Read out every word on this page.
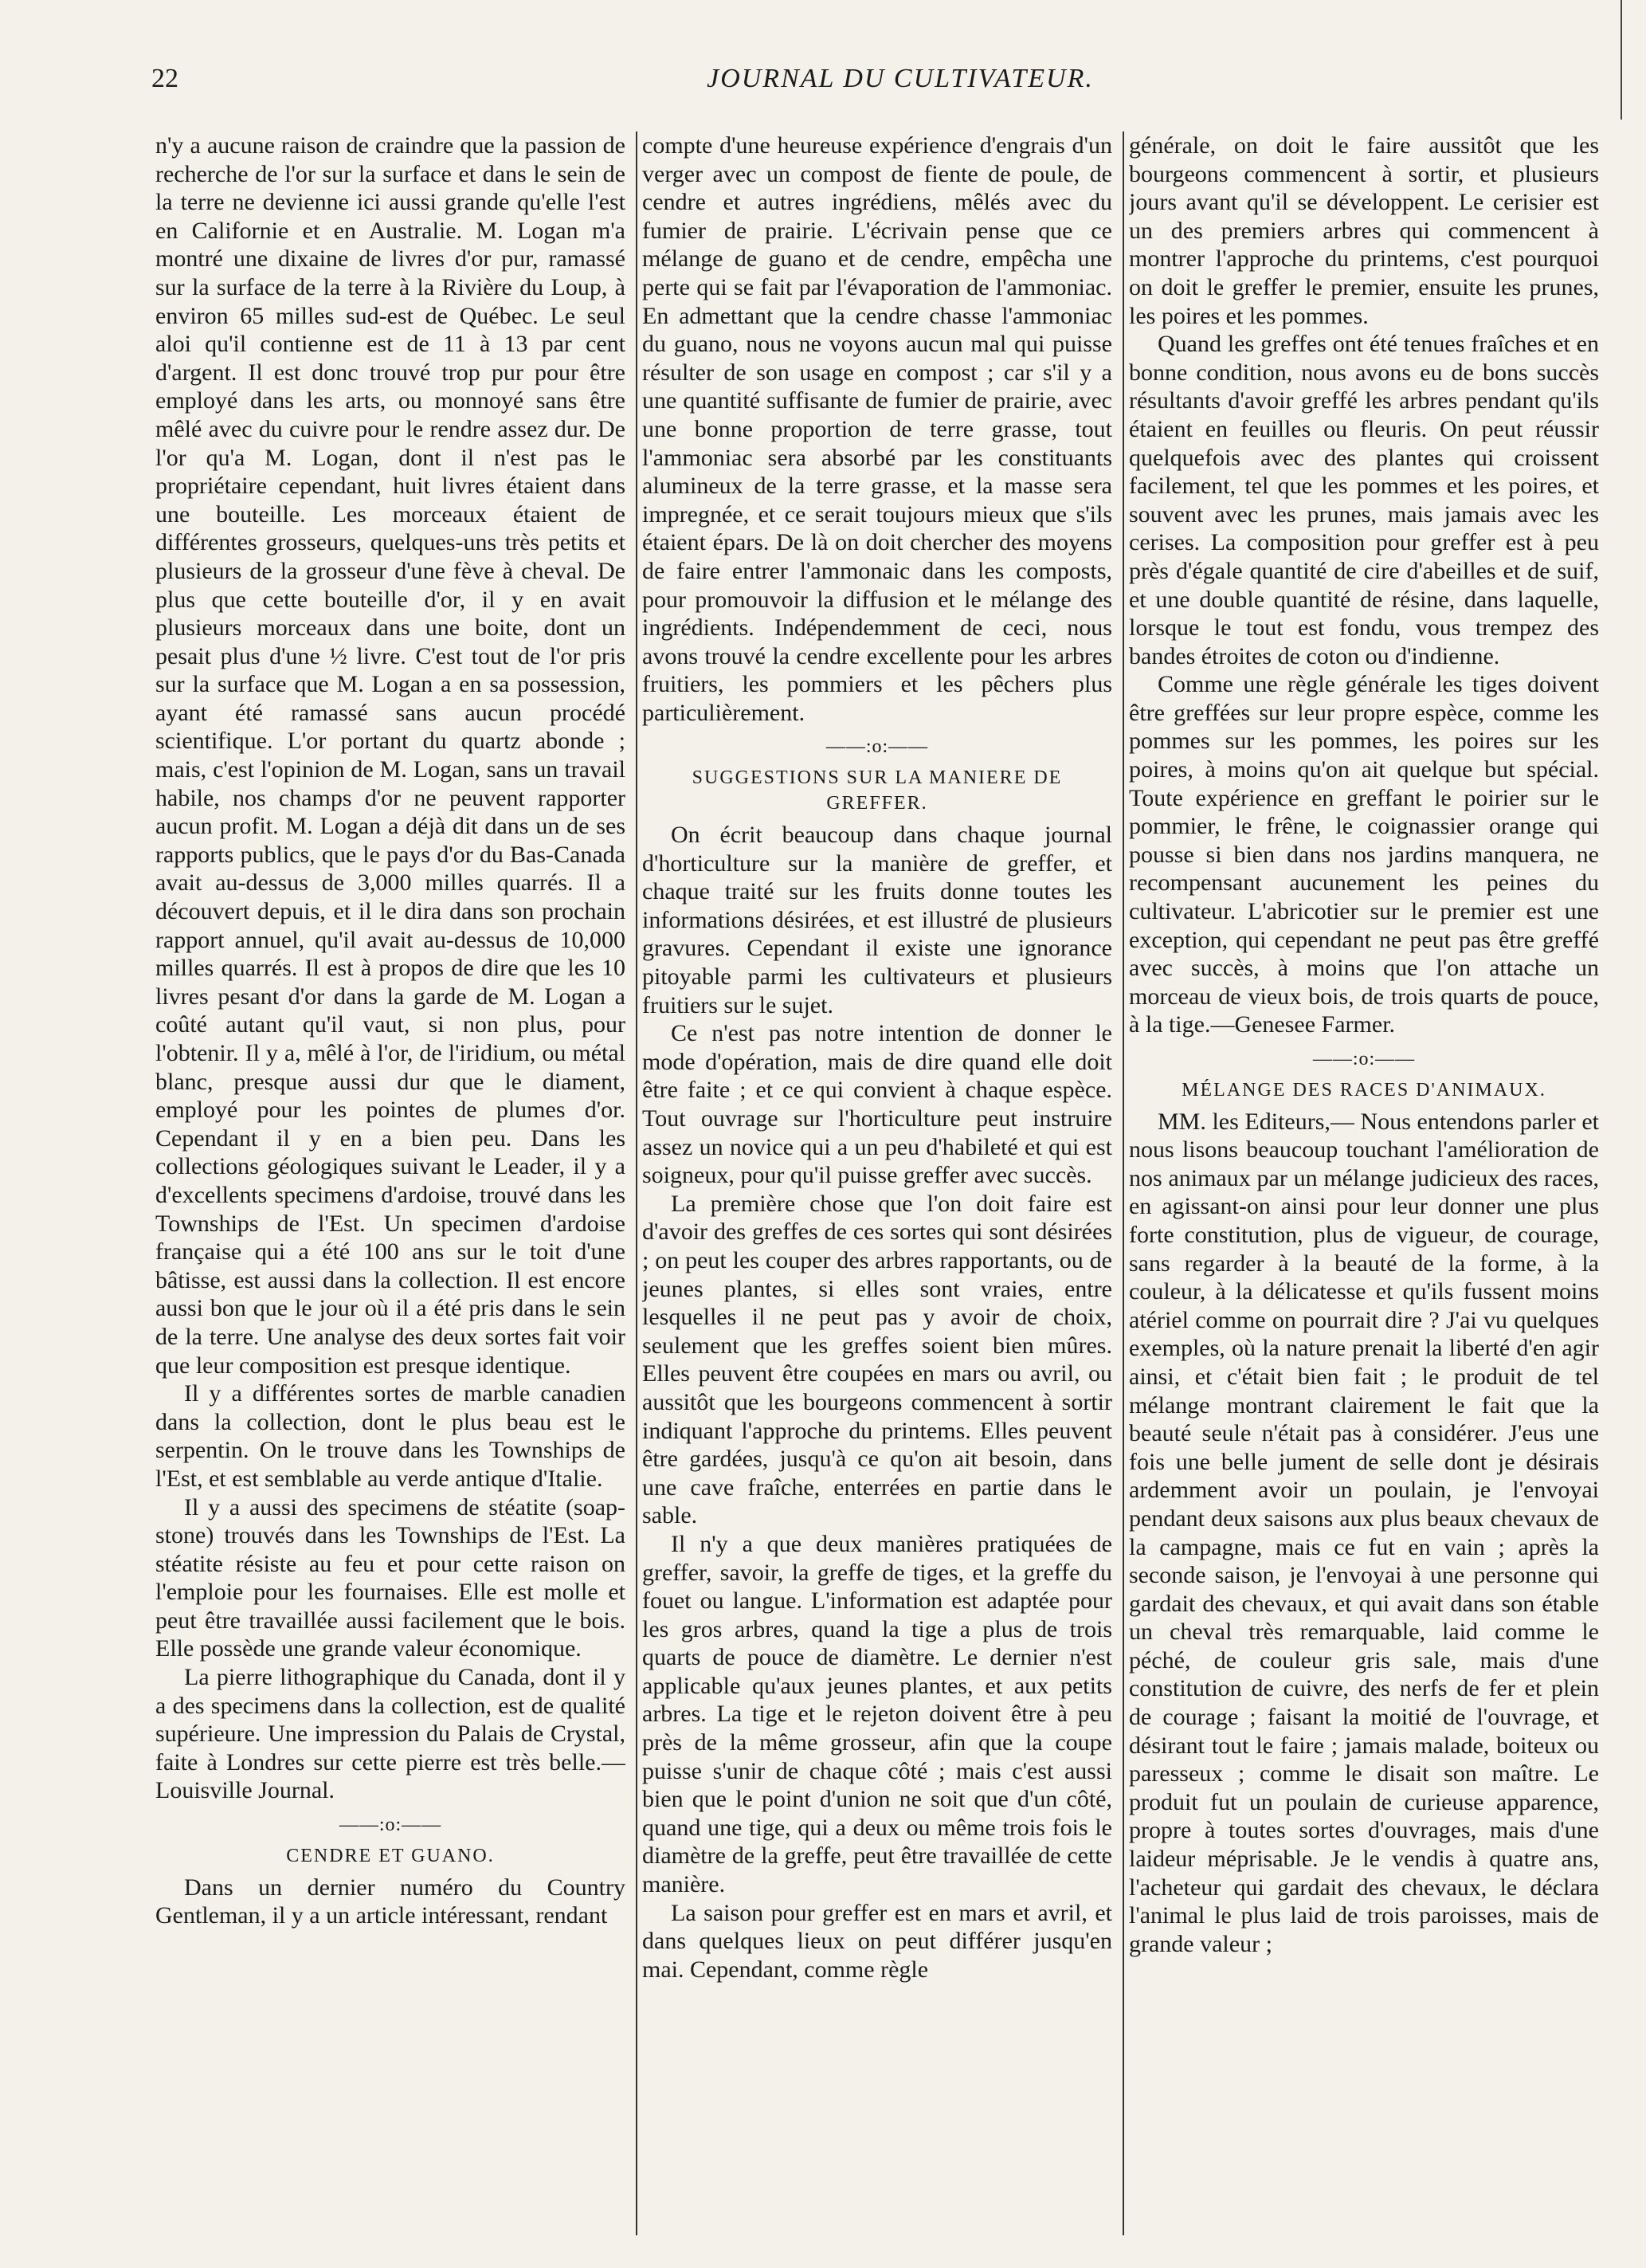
22	JOURNAL DU CULTIVATEUR.

n'y a aucune raison de craindre que la passion de recherche de l'or sur la surface et dans le sein de la terre ne devienne ici aussi grande qu'elle l'est en Californie et en Australie. M. Logan m'a montré une dixaine de livres d'or pur, ramassé sur la surface de la terre à la Rivière du Loup, à environ 65 milles sud-est de Québec. Le seul aloi qu'il contienne est de 11 à 13 par cent d'argent. Il est donc trouvé trop pur pour être employé dans les arts, ou monnoyé sans être mêlé avec du cuivre pour le rendre assez dur. De l'or qu'a M. Logan, dont il n'est pas le propriétaire cependant, huit livres étaient dans une bouteille. Les morceaux étaient de différentes grosseurs, quelques-uns très petits et plusieurs de la grosseur d'une fève à cheval. De plus que cette bouteille d'or, il y en avait plusieurs morceaux dans une boite, dont un pesait plus d'une ½ livre. C'est tout de l'or pris sur la surface que M. Logan a en sa possession, ayant été ramassé sans aucun procédé scientifique. L'or portant du quartz abonde ; mais, c'est l'opinion de M. Logan, sans un travail habile, nos champs d'or ne peuvent rapporter aucun profit. M. Logan a déjà dit dans un de ses rapports publics, que le pays d'or du Bas-Canada avait au-dessus de 3,000 milles quarrés. Il a découvert depuis, et il le dira dans son prochain rapport annuel, qu'il avait au-dessus de 10,000 milles quarrés. Il est à propos de dire que les 10 livres pesant d'or dans la garde de M. Logan a coûté autant qu'il vaut, si non plus, pour l'obtenir. Il y a, mêlé à l'or, de l'iridium, ou métal blanc, presque aussi dur que le diament, employé pour les pointes de plumes d'or. Cependant il y en a bien peu. Dans les collections géologiques suivant le Leader, il y a d'excellents specimens d'ardoise, trouvé dans les Townships de l'Est. Un specimen d'ardoise française qui a été 100 ans sur le toit d'une bâtisse, est aussi dans la collection. Il est encore aussi bon que le jour où il a été pris dans le sein de la terre. Une analyse des deux sortes fait voir que leur composition est presque identique.

Il y a différentes sortes de marble canadien dans la collection, dont le plus beau est le serpentin. On le trouve dans les Townships de l'Est, et est semblable au verde antique d'Italie.

Il y a aussi des specimens de stéatite (soap-stone) trouvés dans les Townships de l'Est. La stéatite résiste au feu et pour cette raison on l'emploie pour les fournaises. Elle est molle et peut être travaillée aussi facilement que le bois. Elle possède une grande valeur économique.

La pierre lithographique du Canada, dont il y a des specimens dans la collection, est de qualité supérieure. Une impression du Palais de Crystal, faite à Londres sur cette pierre est très belle.—Louisville Journal.

——:o:——
CENDRE ET GUANO.

Dans un dernier numéro du Country Gentleman, il y a un article intéressant, rendant

compte d'une heureuse expérience d'engrais d'un verger avec un compost de fiente de poule, de cendre et autres ingrédiens, mêlés avec du fumier de prairie. L'écrivain pense que ce mélange de guano et de cendre, empêcha une perte qui se fait par l'évaporation de l'ammoniac. En admettant que la cendre chasse l'ammoniac du guano, nous ne voyons aucun mal qui puisse résulter de son usage en compost ; car s'il y a une quantité suffisante de fumier de prairie, avec une bonne proportion de terre grasse, tout l'ammoniac sera absorbé par les constituants alumineux de la terre grasse, et la masse sera impregnée, et ce serait toujours mieux que s'ils étaient épars. De là on doit chercher des moyens de faire entrer l'ammonaic dans les composts, pour promouvoir la diffusion et le mélange des ingrédients. Indépendemment de ceci, nous avons trouvé la cendre excellente pour les arbres fruitiers, les pommiers et les pêchers plus particulièrement.

——:o:——
SUGGESTIONS SUR LA MANIERE DE GREFFER.

On écrit beaucoup dans chaque journal d'horticulture sur la manière de greffer, et chaque traité sur les fruits donne toutes les informations désirées, et est illustré de plusieurs gravures. Cependant il existe une ignorance pitoyable parmi les cultivateurs et plusieurs fruitiers sur le sujet.

Ce n'est pas notre intention de donner le mode d'opération, mais de dire quand elle doit être faite ; et ce qui convient à chaque espèce. Tout ouvrage sur l'horticulture peut instruire assez un novice qui a un peu d'habileté et qui est soigneux, pour qu'il puisse greffer avec succès.

La première chose que l'on doit faire est d'avoir des greffes de ces sortes qui sont désirées ; on peut les couper des arbres rapportants, ou de jeunes plantes, si elles sont vraies, entre lesquelles il ne peut pas y avoir de choix, seulement que les greffes soient bien mûres. Elles peuvent être coupées en mars ou avril, ou aussitôt que les bourgeons commencent à sortir indiquant l'approche du printems. Elles peuvent être gardées, jusqu'à ce qu'on ait besoin, dans une cave fraîche, enterrées en partie dans le sable.

Il n'y a que deux manières pratiquées de greffer, savoir, la greffe de tiges, et la greffe du fouet ou langue. L'information est adaptée pour les gros arbres, quand la tige a plus de trois quarts de pouce de diamètre. Le dernier n'est applicable qu'aux jeunes plantes, et aux petits arbres. La tige et le rejeton doivent être à peu près de la même grosseur, afin que la coupe puisse s'unir de chaque côté ; mais c'est aussi bien que le point d'union ne soit que d'un côté, quand une tige, qui a deux ou même trois fois le diamètre de la greffe, peut être travaillée de cette manière.

La saison pour greffer est en mars et avril, et dans quelques lieux on peut différer jusqu'en mai. Cependant, comme règle

générale, on doit le faire aussitôt que les bourgeons commencent à sortir, et plusieurs jours avant qu'il se développent. Le cerisier est un des premiers arbres qui commencent à montrer l'approche du printems, c'est pourquoi on doit le greffer le premier, ensuite les prunes, les poires et les pommes.

Quand les greffes ont été tenues fraîches et en bonne condition, nous avons eu de bons succès résultants d'avoir greffé les arbres pendant qu'ils étaient en feuilles ou fleuris. On peut réussir quelquefois avec des plantes qui croissent facilement, tel que les pommes et les poires, et souvent avec les prunes, mais jamais avec les cerises. La composition pour greffer est à peu près d'égale quantité de cire d'abeilles et de suif, et une double quantité de résine, dans laquelle, lorsque le tout est fondu, vous trempez des bandes étroites de coton ou d'indienne.

Comme une règle générale les tiges doivent être greffées sur leur propre espèce, comme les pommes sur les pommes, les poires sur les poires, à moins qu'on ait quelque but spécial. Toute expérience en greffant le poirier sur le pommier, le frêne, le coignassier orange qui pousse si bien dans nos jardins manquera, ne recompensant aucunement les peines du cultivateur. L'abricotier sur le premier est une exception, qui cependant ne peut pas être greffé avec succès, à moins que l'on attache un morceau de vieux bois, de trois quarts de pouce, à la tige.—Genesee Farmer.

——:o:——
MÉLANGE DES RACES D'ANIMAUX.

MM. les Editeurs,— Nous entendons parler et nous lisons beaucoup touchant l'amélioration de nos animaux par un mélange judicieux des races, en agissant-on ainsi pour leur donner une plus forte constitution, plus de vigueur, de courage, sans regarder à la beauté de la forme, à la couleur, à la délicatesse et qu'ils fussent moins atériel comme on pourrait dire ? J'ai vu quelques exemples, où la nature prenait la liberté d'en agir ainsi, et c'était bien fait ; le produit de tel mélange montrant clairement le fait que la beauté seule n'était pas à considérer. J'eus une fois une belle jument de selle dont je désirais ardemment avoir un poulain, je l'envoyai pendant deux saisons aux plus beaux chevaux de la campagne, mais ce fut en vain ; après la seconde saison, je l'envoyai à une personne qui gardait des chevaux, et qui avait dans son étable un cheval très remarquable, laid comme le péché, de couleur gris sale, mais d'une constitution de cuivre, des nerfs de fer et plein de courage ; faisant la moitié de l'ouvrage, et désirant tout le faire ; jamais malade, boiteux ou paresseux ; comme le disait son maître. Le produit fut un poulain de curieuse apparence, propre à toutes sortes d'ouvrages, mais d'une laideur méprisable. Je le vendis à quatre ans, l'acheteur qui gardait des chevaux, le déclara l'animal le plus laid de trois paroisses, mais de grande valeur ;
